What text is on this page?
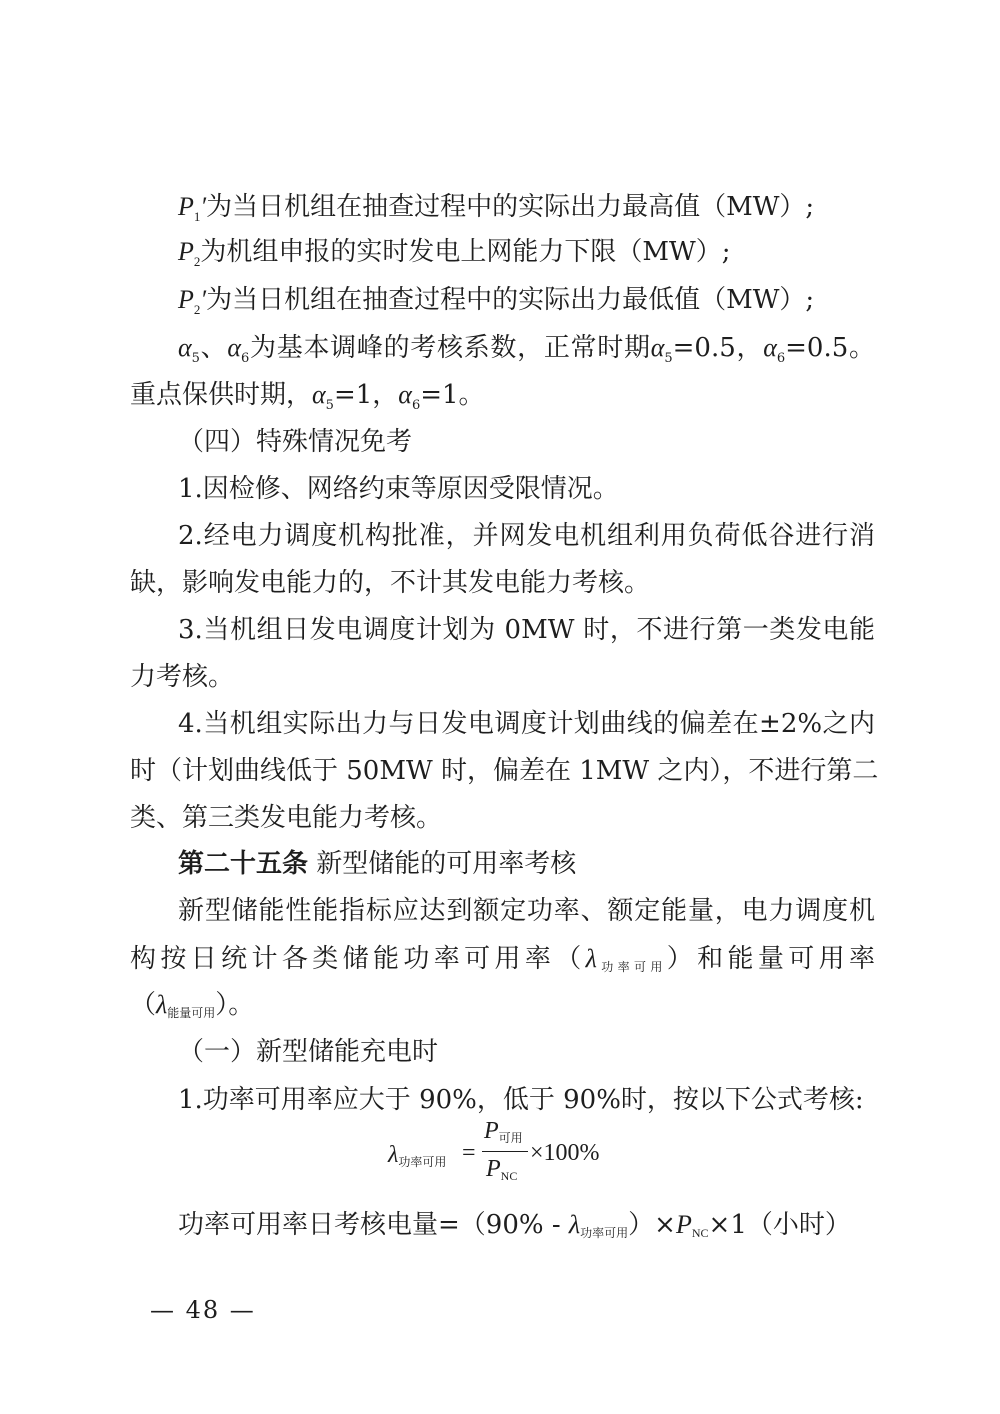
$P_1'$为当日机组在抽查过程中的实际出力最高值（MW）;
$P_2$为机组申报的实时发电上网能力下限（MW）;
$P_2'$为当日机组在抽查过程中的实际出力最低值（MW）;
$\alpha_5$、$\alpha_6$为基本调峰的考核系数，正常时期$\alpha_5=0.5$，$\alpha_6=0.5$。
重点保供时期，$\alpha_5=1$，$\alpha_6=1$。
（四）特殊情况免考
1.因检修、网络约束等原因受限情况。
2.经电力调度机构批准，并网发电机组利用负荷低谷进行消
缺，影响发电能力的，不计其发电能力考核。
3.当机组日发电调度计划为 0MW 时，不进行第一类发电能
力考核。
4.当机组实际出力与日发电调度计划曲线的偏差在±2%之内
时（计划曲线低于 50MW 时，偏差在 1MW 之内），不进行第二
类、第三类发电能力考核。
第二十五条 新型储能的可用率考核
新型储能性能指标应达到额定功率、额定能量，电力调度机
构按日统计各类储能功率可用率（λ功率可用）和能量可用率
（λ能量可用）。
（一）新型储能充电时
1.功率可用率应大于 90%，低于 90%时，按以下公式考核:
λ功率可用 =
P可用
PNC
×100%
功率可用率日考核电量=（90% - λ功率可用）×PNC×1（小时）
— 48 —
